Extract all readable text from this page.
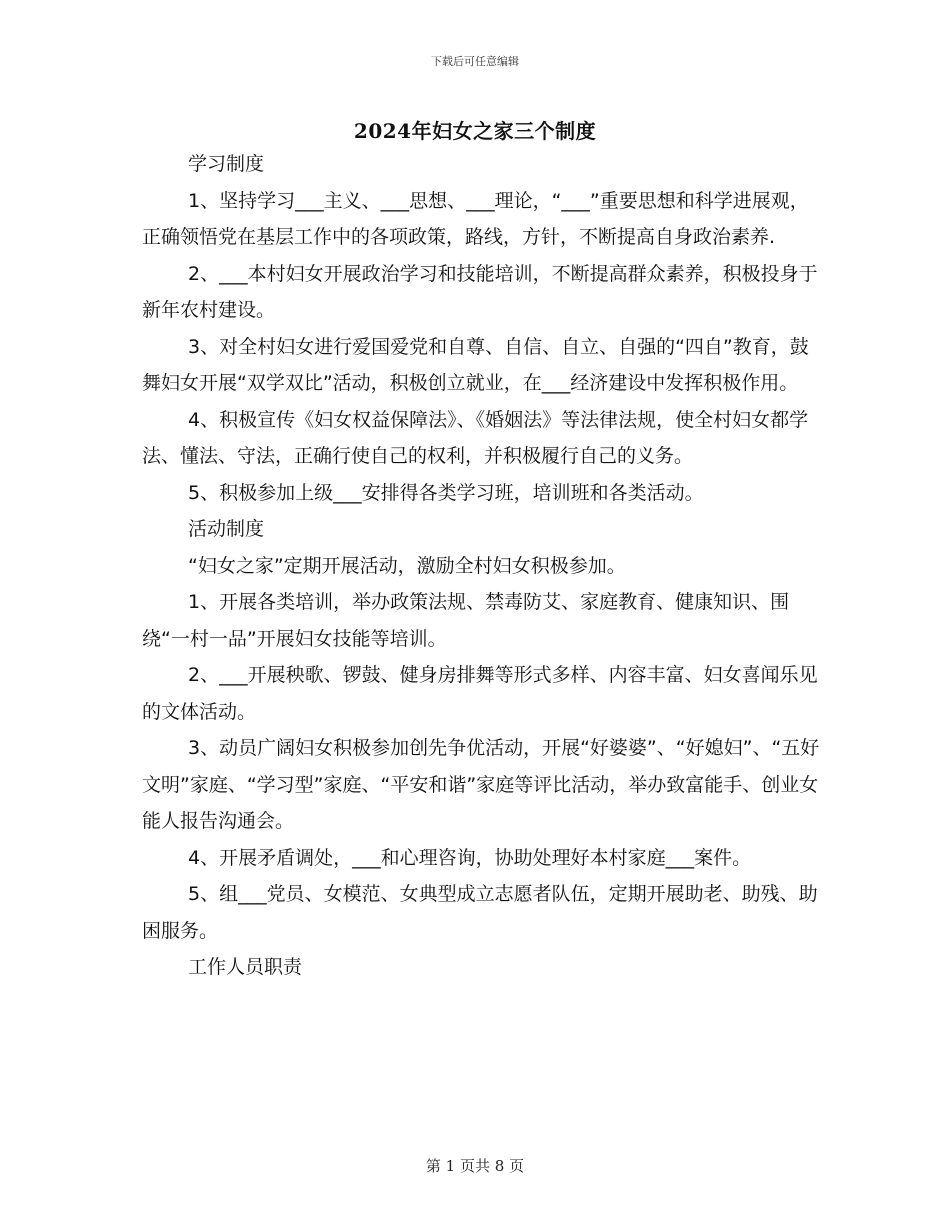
下载后可任意编辑
2024年妇女之家三个制度

学习制度

1、坚持学习___主义、___思想、___理论，“___”重要思想和科学进展观，正确领悟党在基层工作中的各项政策，路线，方针，不断提高自身政治素养.

2、___本村妇女开展政治学习和技能培训，不断提高群众素养，积极投身于新年农村建设。

3、对全村妇女进行爱国爱党和自尊、自信、自立、自强的“四自”教育，鼓舞妇女开展“双学双比”活动，积极创立就业，在___经济建设中发挥积极作用。

4、积极宣传《妇女权益保障法》、《婚姻法》等法律法规，使全村妇女都学法、懂法、守法，正确行使自己的权利，并积极履行自己的义务。

5、积极参加上级___安排得各类学习班，培训班和各类活动。

活动制度

“妇女之家”定期开展活动，激励全村妇女积极参加。

1、开展各类培训，举办政策法规、禁毒防艾、家庭教育、健康知识、围绕“一村一品”开展妇女技能等培训。

2、___开展秧歌、锣鼓、健身房排舞等形式多样、内容丰富、妇女喜闻乐见的文体活动。

3、动员广阔妇女积极参加创先争优活动，开展“好婆婆”、“好媳妇”、“五好文明”家庭、“学习型”家庭、“平安和谐”家庭等评比活动，举办致富能手、创业女能人报告沟通会。

4、开展矛盾调处，___和心理咨询，协助处理好本村家庭___案件。

5、组___党员、女模范、女典型成立志愿者队伍，定期开展助老、助残、助困服务。

工作人员职责

第 1 页共 8 页
